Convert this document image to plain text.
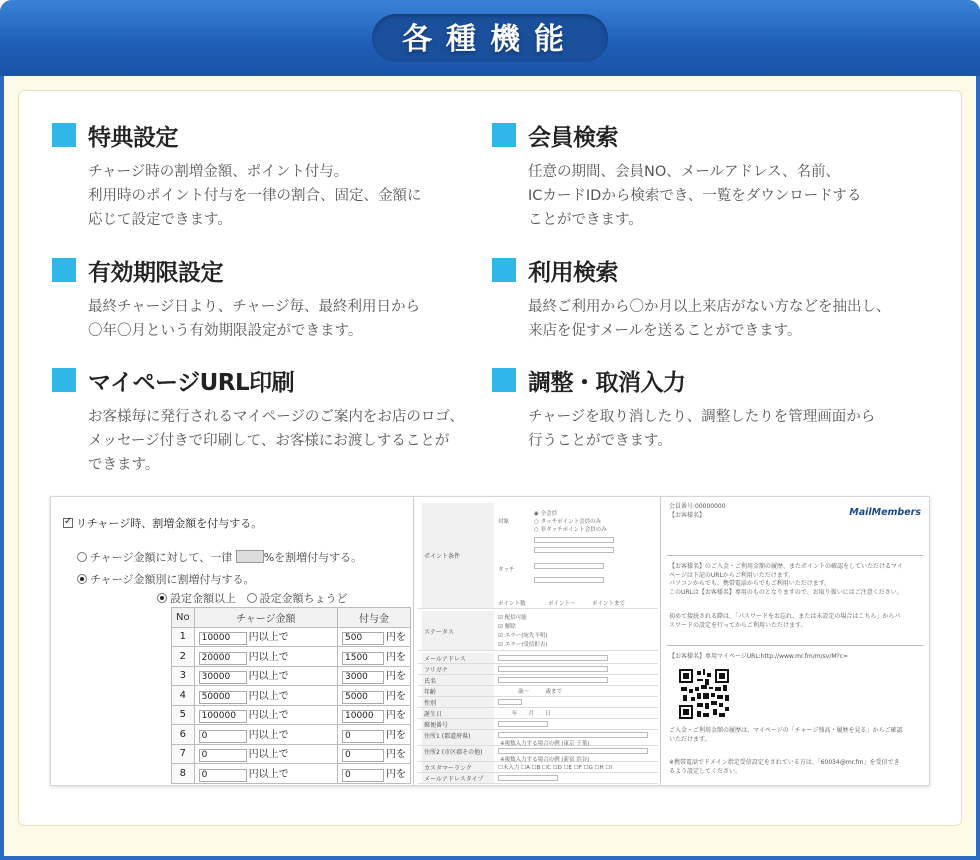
各種機能
特典設定
チャージ時の割増金額、ポイント付与。
利用時のポイント付与を一律の割合、固定、金額に
応じて設定できます。
会員検索
任意の期間、会員NO、メールアドレス、名前、
ICカードIDから検索でき、一覧をダウンロードする
ことができます。
有効期限設定
最終チャージ日より、チャージ毎、最終利用日から
〇年〇月という有効期限設定ができます。
利用検索
最終ご利用から〇か月以上来店がない方などを抽出し、
来店を促すメールを送ることができます。
マイページURL印刷
お客様毎に発行されるマイページのご案内をお店のロゴ、
メッセージ付きで印刷して、お客様にお渡しすることが
できます。
調整・取消入力
チャージを取り消したり、調整したりを管理画面から
行うことができます。
✓リチャージ時、割増金額を付与する。
チャージ金額に対して、一律	%を割増付与する。
チャージ金額別に割増付与する。
設定金額以上 設定金額ちょうど
No	チャージ金額	付与金
1	10000 円以上で	500 円を
2	20000 円以上で	1500 円を
3	30000 円以上で	3000 円を
4	50000 円以上で	5000 円を
5	100000 円以上で	10000 円を
6	0 円以上で	0 円を
7	0 円以上で	0 円を
8	0 円以上で	0 円を
ポイント条件
対象
◉ 全会員
○ タッチポイント会員のみ
○ 非タッチポイント会員のみ
タッチ
ポイント数	ポイント〜　　　ポイントまで
ステータス
☑ 配信可能
☑ 解除
☑ エラー(宛先不明)
☑ エラー(受信拒否)
メールアドレス
フリガナ
氏名
年齢	歳〜　　　歳まで
性別
誕生日	年　　月　　日
郵便番号
住所1 (都道府県)
※複数入力する場合の例 (東京 千葉)
住所2 (市区郡その他)
※複数入力する場合の例 (新宿 渋谷)
カスタマーランク	☐未入力 ☐A ☐B ☐C ☐D ☐E ☐F ☐G ☐H ☐I
メールアドレスタイプ
会員番号:00000000
【お客様名】	MailMembers
【お客様名】のご入金・ご利用金額の履歴、またポイントの確認をしていただけるマイ
ページは下記のURLからご利用いただけます。
パソコンからでも、携帯電話からでもご利用いただけます。
このURLは【お客様名】専用のものとなりますので、お取り扱いにはご注意ください。
初めて接続される際は、「パスワードをお忘れ、または未設定の場合はこちら」からパ
スワードの設定を行ってからご利用いただけます。
【お客様名】専用マイページURL:http://www.mr.fm/m/sv/M?c=
ご入金・ご利用金額の履歴は、マイページの「チャージ残高・履歴を見る」からご確認
いただけます。
※携帯電話でドメイン指定受信設定をされている方は、「60034@mr.fm」を受信でき
るよう設定してください。
